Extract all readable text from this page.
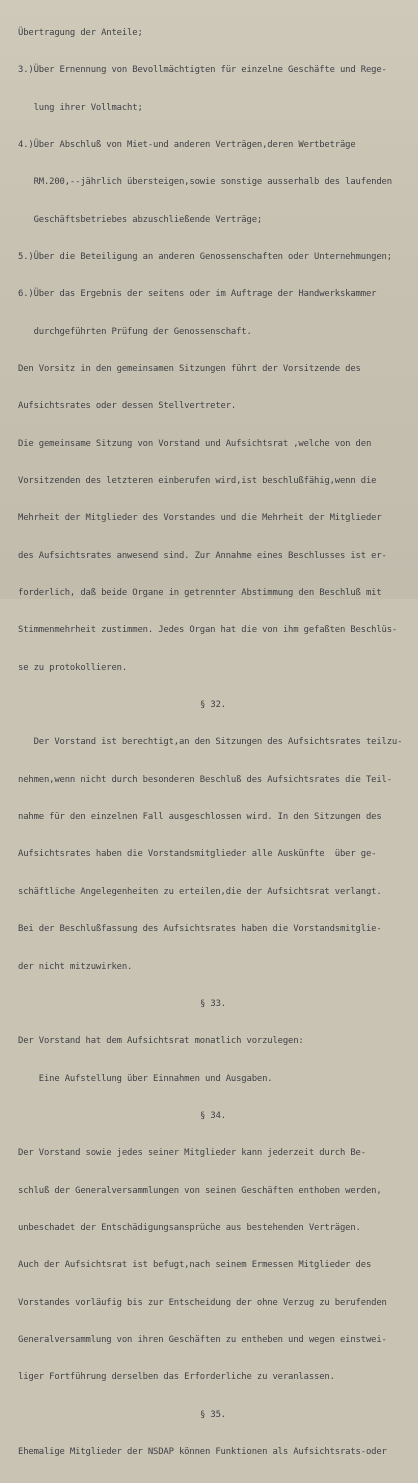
Übertragung der Anteile;

3.)Über Ernennung von Bevollmächtigten für einzelne Geschäfte und Rege-

lung ihrer Vollmacht;

4.)Über Abschluß von Miet-und anderen Verträgen,deren Wertbeträge

RM.200,--jährlich übersteigen,sowie sonstige ausserhalb des laufenden

Geschäftsbetriebes abzuschließende Verträge;

5.)Über die Beteiligung an anderen Genossenschaften oder Unternehmungen;

6.)Über das Ergebnis der seitens oder im Auftrage der Handwerkskammer

durchgeführten Prüfung der Genossenschaft.

Den Vorsitz in den gemeinsamen Sitzungen führt der Vorsitzende des

Aufsichtsrates oder dessen Stellvertreter.

Die gemeinsame Sitzung von Vorstand und Aufsichtsrat ,welche von den

Vorsitzenden des letzteren einberufen wird,ist beschlußfähig,wenn die

Mehrheit der Mitglieder des Vorstandes und die Mehrheit der Mitglieder

des Aufsichtsrates anwesend sind. Zur Annahme eines Beschlusses ist er-

forderlich, daß beide Organe in getrennter Abstimmung den Beschluß mit

Stimmenmehrheit zustimmen. Jedes Organ hat die von ihm gefaßten Beschlüs-

se zu protokollieren.

§ 32.

Der Vorstand ist berechtigt,an den Sitzungen des Aufsichtsrates teilzu-

nehmen,wenn nicht durch besonderen Beschluß des Aufsichtsrates die Teil-

nahme für den einzelnen Fall ausgeschlossen wird. In den Sitzungen des

Aufsichtsrates haben die Vorstandsmitglieder alle Auskünfte  über ge-

schäftliche Angelegenheiten zu erteilen,die der Aufsichtsrat verlangt.

Bei der Beschlußfassung des Aufsichtsrates haben die Vorstandsmitglie-

der nicht mitzuwirken.

§ 33.

Der Vorstand hat dem Aufsichtsrat monatlich vorzulegen:

Eine Aufstellung über Einnahmen und Ausgaben.

§ 34.

Der Vorstand sowie jedes seiner Mitglieder kann jederzeit durch Be-

schluß der Generalversammlungen von seinen Geschäften enthoben werden,

unbeschadet der Entschädigungsansprüche aus bestehenden Verträgen.

Auch der Aufsichtsrat ist befugt,nach seinem Ermessen Mitglieder des

Vorstandes vorläufig bis zur Entscheidung der ohne Verzug zu berufenden

Generalversammlung von ihren Geschäften zu entheben und wegen einstwei-

liger Fortführung derselben das Erforderliche zu veranlassen.

§ 35.

Ehemalige Mitglieder der NSDAP können Funktionen als Aufsichtsrats-oder
